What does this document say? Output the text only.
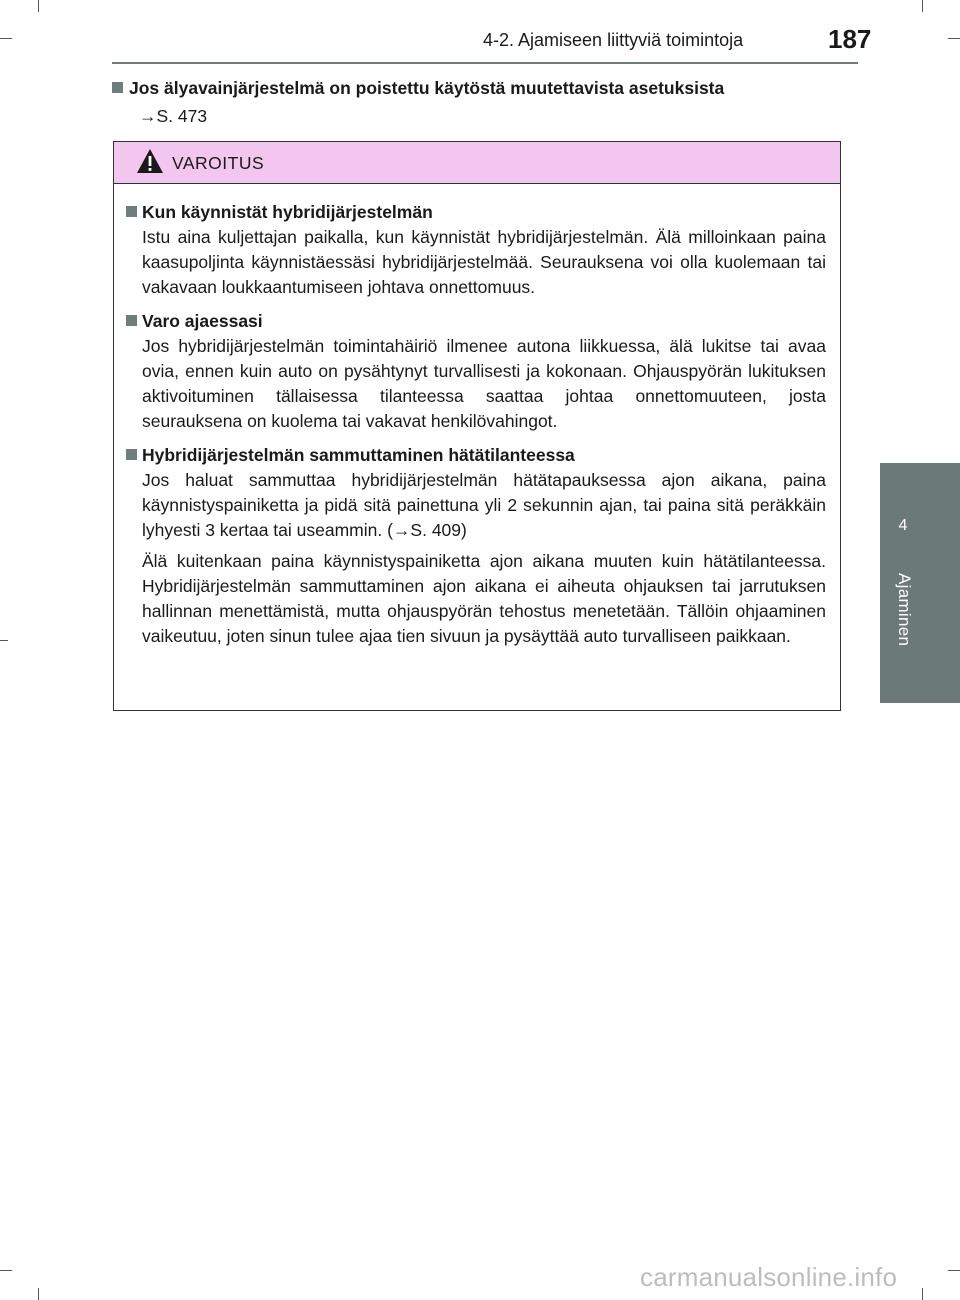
4-2. Ajamiseen liittyviä toimintoja	187
4
Ajaminen
Jos älyavainjärjestelmä on poistettu käytöstä muutettavista asetuksista
→S. 473
VAROITUS
Kun käynnistät hybridijärjestelmän
Istu aina kuljettajan paikalla, kun käynnistät hybridijärjestelmän. Älä milloinkaan paina kaasupoljinta käynnistäessäsi hybridijärjestelmää. Seurauksena voi olla kuolemaan tai vakavaan loukkaantumiseen johtava onnettomuus.
Varo ajaessasi
Jos hybridijärjestelmän toimintahäiriö ilmenee autona liikkuessa, älä lukitse tai avaa ovia, ennen kuin auto on pysähtynyt turvallisesti ja kokonaan. Ohjauspyörän lukituksen aktivoituminen tällaisessa tilanteessa saattaa johtaa onnettomuuteen, josta seurauksena on kuolema tai vakavat henkilövahingot.
Hybridijärjestelmän sammuttaminen hätätilanteessa
Jos haluat sammuttaa hybridijärjestelmän hätätapauksessa ajon aikana, paina käynnistyspainiketta ja pidä sitä painettuna yli 2 sekunnin ajan, tai paina sitä peräkkäin lyhyesti 3 kertaa tai useammin. (→S. 409)
Älä kuitenkaan paina käynnistyspainiketta ajon aikana muuten kuin hätätilanteessa. Hybridijärjestelmän sammuttaminen ajon aikana ei aiheuta ohjauksen tai jarrutuksen hallinnan menettämistä, mutta ohjauspyörän tehostus menetetään. Tällöin ohjaaminen vaikeutuu, joten sinun tulee ajaa tien sivuun ja pysäyttää auto turvalliseen paikkaan.
carmanualsonline.info
